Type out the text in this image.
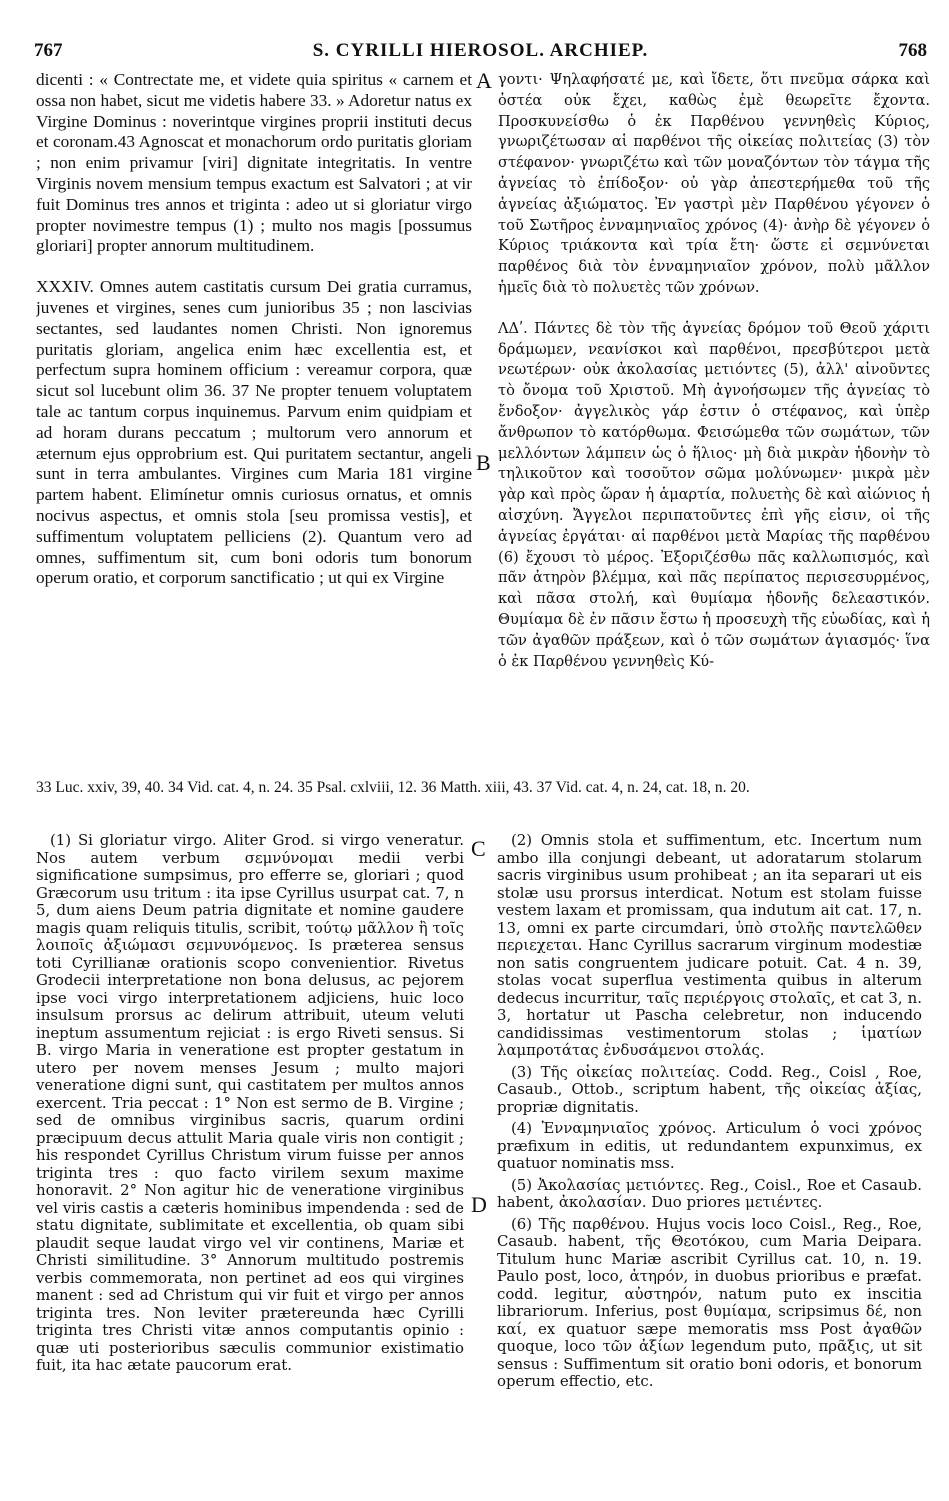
767	S. CYRILLI HIEROSOL. ARCHIEP.	768

dicenti : « Contrectate me, et videte quia spiritus « carnem et ossa non habet, sicut me videtis habere 33. » Adoretur natus ex Virgine Dominus : noverintque virgines proprii instituti decus et coronam.43 Agnoscat et monachorum ordo puritatis gloriam ; non enim privamur [viri] dignitate integritatis. In ventre Virginis novem mensium tempus exactum est Salvatori ; at vir fuit Dominus tres annos et triginta : adeo ut si gloriatur virgo propter novimestre tempus (1) ; multo nos magis [possumus gloriari] propter annorum multitudinem.

XXXIV. Omnes autem castitatis cursum Dei gratia curramus, juvenes et virgines, senes cum junioribus 35 ; non lascivias sectantes, sed laudantes nomen Christi. Non ignoremus puritatis gloriam, angelica enim hæc excellentia est, et perfectum supra hominem officium : vereamur corpora, quæ sicut sol lucebunt olim 36. 37 Ne propter tenuem voluptatem tale ac tantum corpus inquinemus. Parvum enim quidpiam et ad horam durans peccatum ; multorum vero annorum et æternum ejus opprobrium est. Qui puritatem sectantur, angeli sunt in terra ambulantes. Virgines cum Maria 181 virgine partem habent. Elimínetur omnis curiosus ornatus, et omnis nocivus aspectus, et omnis stola [seu promissa vestis], et suffimentum voluptatem pelliciens (2). Quantum vero ad omnes, suffimentum sit, cum boni odoris tum bonorum operum oratio, et corporum sanctificatio ; ut qui ex Virgine

A
B

γοντι· Ψηλαφήσατέ με, καὶ ἴδετε, ὅτι πνεῦμα σάρκα καὶ ὀστέα οὐκ ἔχει, καθὼς ἐμὲ θεωρεῖτε ἔχοντα. Προσκυνείσθω ὁ ἐκ Παρθένου γεννηθεὶς Κύριος, γνωριζέτωσαν αἱ παρθένοι τῆς οἰκείας πολιτείας (3) τὸν στέφανον· γνωριζέτω καὶ τῶν μοναζόντων τὸν τάγμα τῆς ἁγνείας τὸ ἐπίδοξον· οὐ γὰρ ἀπεστερήμεθα τοῦ τῆς ἁγνείας ἀξιώματος. Ἐν γαστρὶ μὲν Παρθένου γέγονεν ὁ τοῦ Σωτῆρος ἐνναμηνιαῖος χρόνος (4)· ἀνὴρ δὲ γέγονεν ὁ Κύριος τριάκοντα καὶ τρία ἔτη· ὥστε εἰ σεμνύνεται παρθένος διὰ τὸν ἐνναμηνιαῖον χρόνον, πολὺ μᾶλλον ἡμεῖς διὰ τὸ πολυετὲς τῶν χρόνων.

ΛΔʹ. Πάντες δὲ τὸν τῆς ἁγνείας δρόμον τοῦ Θεοῦ χάριτι δράμωμεν, νεανίσκοι καὶ παρθένοι, πρεσβύτεροι μετὰ νεωτέρων· οὐκ ἀκολασίας μετιόντες (5), ἀλλ' αἰνοῦντες τὸ ὄνομα τοῦ Χριστοῦ. Μὴ ἀγνοήσωμεν τῆς ἁγνείας τὸ ἔνδοξον· ἀγγελικὸς γάρ ἐστιν ὁ στέφανος, καὶ ὑπὲρ ἄνθρωπον τὸ κατόρθωμα. Φεισώμεθα τῶν σωμάτων, τῶν μελλόντων λάμπειν ὡς ὁ ἥλιος· μὴ διὰ μικρὰν ἡδονὴν τὸ τηλικοῦτον καὶ τοσοῦτον σῶμα μολύνωμεν· μικρὰ μὲν γὰρ καὶ πρὸς ὥραν ἡ ἁμαρτία, πολυετὴς δὲ καὶ αἰώνιος ἡ αἰσχύνη. Ἄγγελοι περιπατοῦντες ἐπὶ γῆς εἰσιν, οἱ τῆς ἁγνείας ἐργάται· αἱ παρθένοι μετὰ Μαρίας τῆς παρθένου (6) ἔχουσι τὸ μέρος. Ἐξοριζέσθω πᾶς καλλωπισμός, καὶ πᾶν ἀτηρὸν βλέμμα, καὶ πᾶς περίπατος περισεσυρμένος, καὶ πᾶσα στολή, καὶ θυμίαμα ἡδονῆς δελεαστικόν. Θυμίαμα δὲ ἐν πᾶσιν ἔστω ἡ προσευχὴ τῆς εὐωδίας, καὶ ἡ τῶν ἀγαθῶν πράξεων, καὶ ὁ τῶν σωμάτων ἁγιασμός· ἵνα ὁ ἐκ Παρθένου γεννηθεὶς Κύ-

33 Luc. xxiv, 39, 40. 34 Vid. cat. 4, n. 24. 35 Psal. cxlviii, 12. 36 Matth. xiii, 43. 37 Vid. cat. 4, n. 24, cat. 18, n. 20.

(1) Si gloriatur virgo. Aliter Grod. si virgo veneratur. Nos autem verbum σεμνύνομαι medii verbi significatione sumpsimus, pro efferre se, gloriari ; quod Græcorum usu tritum : ita ipse Cyrillus usurpat cat. 7, n 5, dum aiens Deum patria dignitate et nomine gaudere magis quam reliquis titulis, scribit, τούτῳ μᾶλλον ἢ τοῖς λοιποῖς ἀξιώμασι σεμνυνόμενος. Is præterea sensus toti Cyrillianæ orationis scopo convenientior. Rivetus Grodecii interpretatione non bona delusus, ac pejorem ipse voci virgo interpretationem adjiciens, huic loco insulsum prorsus ac delirum attribuit, uteum veluti ineptum assumentum rejiciat : is ergo Riveti sensus. Si B. virgo Maria in veneratione est propter gestatum in utero per novem menses Jesum ; multo majori veneratione digni sunt, qui castitatem per multos annos exercent. Tria peccat : 1° Non est sermo de B. Virgine ; sed de omnibus virginibus sacris, quarum ordini præcipuum decus attulit Maria quale viris non contigit ; his respondet Cyrillus Christum virum fuisse per annos triginta tres : quo facto virilem sexum maxime honoravit. 2° Non agitur hic de veneratione virginibus vel viris castis a cæteris hominibus impendenda : sed de statu dignitate, sublimitate et excellentia, ob quam sibi plaudit seque laudat virgo vel vir continens, Mariæ et Christi similitudine. 3° Annorum multitudo postremis verbis commemorata, non pertinet ad eos qui virgines manent : sed ad Christum qui vir fuit et virgo per annos triginta tres. Non leviter prætereunda hæc Cyrilli triginta tres Christi vitæ annos computantis opinio : quæ uti posterioribus sæculis communior existimatio fuit, ita hac ætate paucorum erat.

C
D

(2) Omnis stola et suffimentum, etc. Incertum num ambo illa conjungi debeant, ut adoratarum stolarum sacris virginibus usum prohibeat ; an ita separari ut eis stolæ usu prorsus interdicat. Notum est stolam fuisse vestem laxam et promissam, qua indutum ait cat. 17, n. 13, omni ex parte circumdari, ὑπὸ στολῆς παντελῶθεν περιεχεται. Hanc Cyrillus sacrarum virginum modestiæ non satis congruentem judicare potuit. Cat. 4 n. 39, stolas vocat superflua vestimenta quibus in alterum dedecus incurritur, ταῖς περιέργοις στολαῖς, et cat 3, n. 3, hortatur ut Pascha celebretur, non inducendo candidissimas vestimentorum stolas ; ἱματίων λαμπροτάτας ἐνδυσάμενοι στολάς.

(3) Τῆς οἰκείας πολιτείας. Codd. Reg., Coisl , Roe, Casaub., Ottob., scriptum habent, τῆς οἰκείας ἀξίας, propriæ dignitatis.

(4) Ἐνναμηνιαῖος χρόνος. Articulum ὁ voci χρόνος præfixum in editis, ut redundantem expunximus, ex quatuor nominatis mss.

(5) Ἀκολασίας μετιόντες. Reg., Coisl., Roe et Casaub. habent, ἀκολασίαν. Duo priores μετιέντες.

(6) Τῆς παρθένου. Hujus vocis loco Coisl., Reg., Roe, Casaub. habent, τῆς Θεοτόκου, cum Maria Deipara. Titulum hunc Mariæ ascribit Cyrillus cat. 10, n. 19. Paulo post, loco, ἀτηρόν, in duobus prioribus e præfat. codd. legitur, αὐστηρόν, natum puto ex inscitia librariorum. Inferius, post θυμίαμα, scripsimus δέ, non καί, ex quatuor sæpe memoratis mss Post ἀγαθῶν quoque, loco τῶν ἀξίων legendum puto, πρᾶξις, ut sit sensus : Suffimentum sit oratio boni odoris, et bonorum operum effectio, etc.
